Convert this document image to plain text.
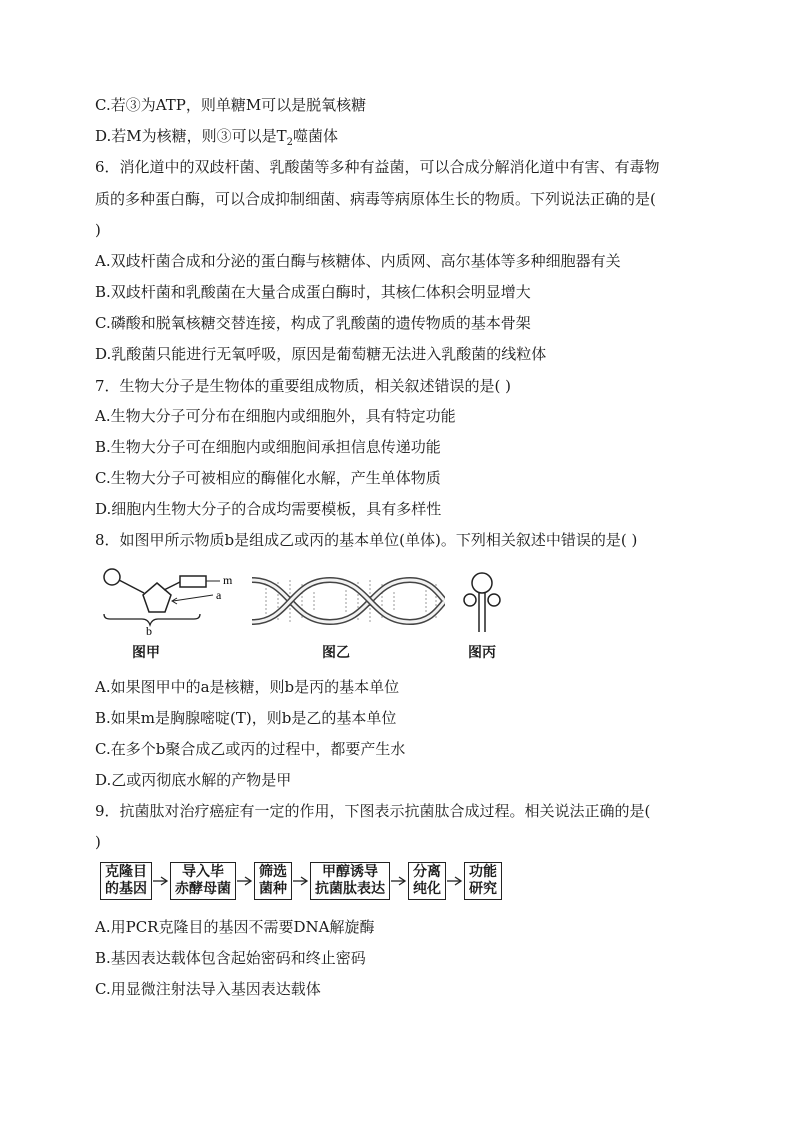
C.若③为ATP，则单糖M可以是脱氧核糖
D.若M为核糖，则③可以是$T_2$噬菌体
6．消化道中的双歧杆菌、乳酸菌等多种有益菌，可以合成分解消化道中有害、有毒物
质的多种蛋白酶，可以合成抑制细菌、病毒等病原体生长的物质。下列说法正确的是(
)
A.双歧杆菌合成和分泌的蛋白酶与核糖体、内质网、高尔基体等多种细胞器有关
B.双歧杆菌和乳酸菌在大量合成蛋白酶时，其核仁体积会明显增大
C.磷酸和脱氧核糖交替连接，构成了乳酸菌的遗传物质的基本骨架
D.乳酸菌只能进行无氧呼吸，原因是葡萄糖无法进入乳酸菌的线粒体
7．生物大分子是生物体的重要组成物质，相关叙述错误的是( )
A.生物大分子可分布在细胞内或细胞外，具有特定功能
B.生物大分子可在细胞内或细胞间承担信息传递功能
C.生物大分子可被相应的酶催化水解，产生单体物质
D.细胞内生物大分子的合成均需要模板，具有多样性
8．如图甲所示物质b是组成乙或丙的基本单位(单体)。下列相关叙述中错误的是( )
m
a
b
图甲	图乙	图丙
A.如果图甲中的a是核糖，则b是丙的基本单位
B.如果m是胸腺嘧啶(T)，则b是乙的基本单位
C.在多个b聚合成乙或丙的过程中，都要产生水
D.乙或丙彻底水解的产物是甲
9．抗菌肽对治疗癌症有一定的作用，下图表示抗菌肽合成过程。相关说法正确的是(
)
克隆目
的基因
导入毕
赤酵母菌
筛选
菌种
甲醇诱导
抗菌肽表达
分离
纯化
功能
研究
A.用PCR克隆目的基因不需要DNA解旋酶
B.基因表达载体包含起始密码和终止密码
C.用显微注射法导入基因表达载体
